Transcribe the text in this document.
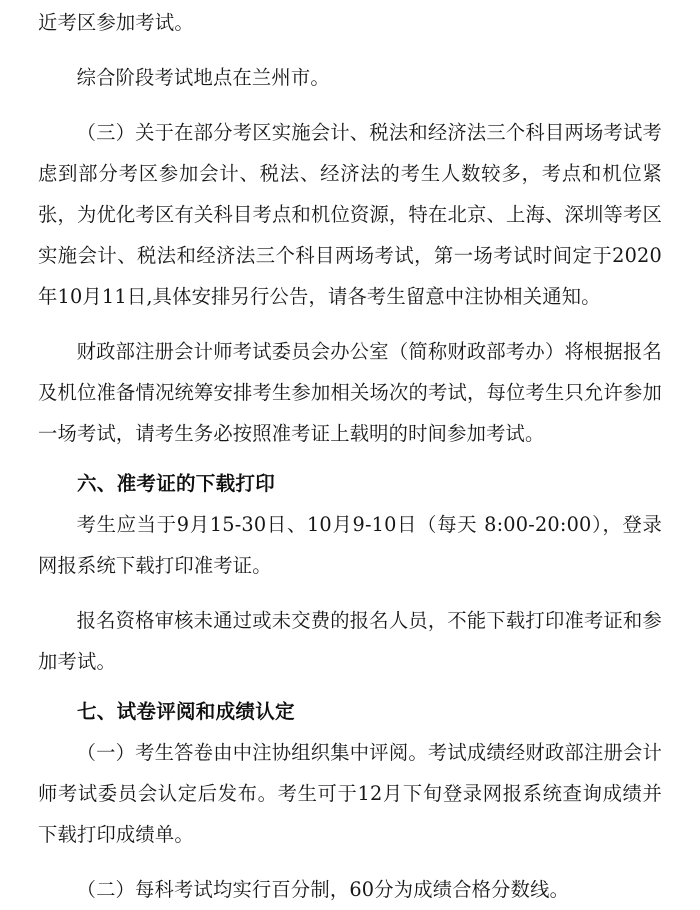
近考区参加考试。

综合阶段考试地点在兰州市。

（三）关于在部分考区实施会计、税法和经济法三个科目两场考试考虑到部分考区参加会计、税法、经济法的考生人数较多，考点和机位紧张，为优化考区有关科目考点和机位资源，特在北京、上海、深圳等考区实施会计、税法和经济法三个科目两场考试，第一场考试时间定于2020年10月11日,具体安排另行公告，请各考生留意中注协相关通知。

财政部注册会计师考试委员会办公室（简称财政部考办）将根据报名及机位准备情况统筹安排考生参加相关场次的考试，每位考生只允许参加一场考试，请考生务必按照准考证上载明的时间参加考试。

六、准考证的下载打印

考生应当于9月15-30日、10月9-10日（每天 8:00-20:00），登录网报系统下载打印准考证。

报名资格审核未通过或未交费的报名人员，不能下载打印准考证和参加考试。

七、试卷评阅和成绩认定

（一）考生答卷由中注协组织集中评阅。考试成绩经财政部注册会计师考试委员会认定后发布。考生可于12月下旬登录网报系统查询成绩并下载打印成绩单。

（二）每科考试均实行百分制，60分为成绩合格分数线。
